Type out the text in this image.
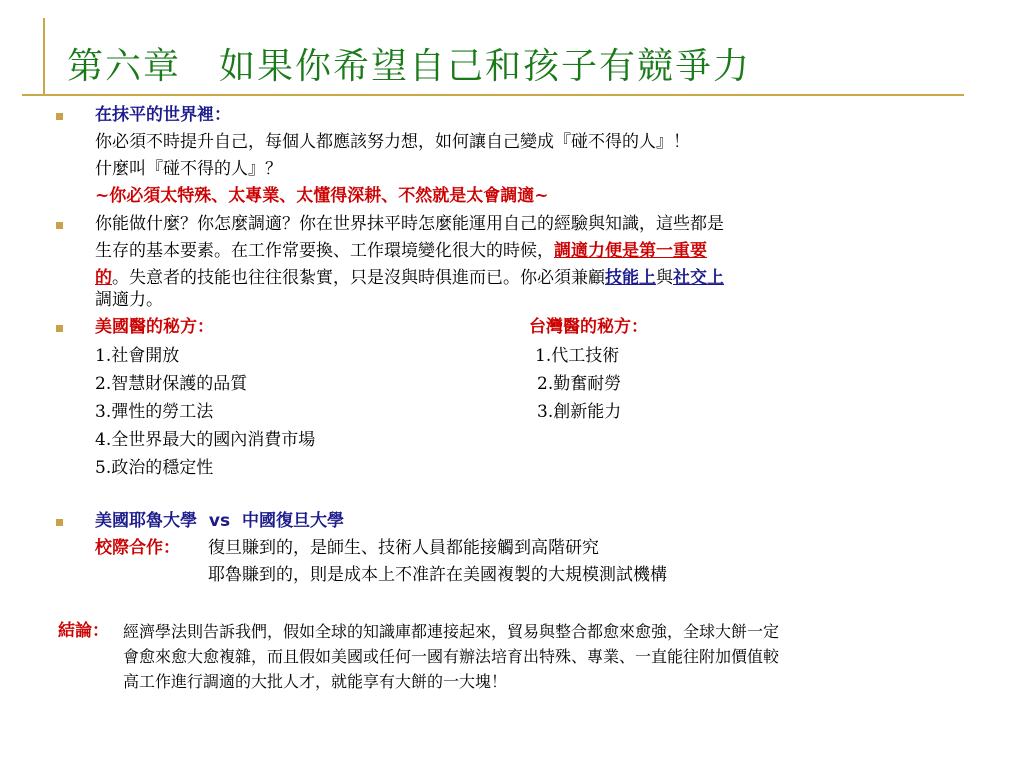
第六章　如果你希望自己和孩子有競爭力
在抹平的世界裡：
你必須不時提升自己，每個人都應該努力想，如何讓自己變成『碰不得的人』！
什麼叫『碰不得的人』？
~你必須太特殊、太專業、太懂得深耕、不然就是太會調適~
你能做什麼？你怎麼調適？你在世界抹平時怎麼能運用自己的經驗與知識，這些都是
生存的基本要素。在工作常要換、工作環境變化很大的時候，調適力便是第一重要
的。失意者的技能也往往很紮實，只是沒與時俱進而已。你必須兼顧技能上與社交上
調適力。
美國醫的秘方：	台灣醫的秘方：
1.社會開放
2.智慧財保護的品質
3.彈性的勞工法
4.全世界最大的國內消費市場
5.政治的穩定性
1.代工技術
2.勤奮耐勞
3.創新能力
美國耶魯大學 vs 中國復旦大學
校際合作： 復旦賺到的，是師生、技術人員都能接觸到高階研究
耶魯賺到的，則是成本上不准許在美國複製的大規模測試機構
結論： 經濟學法則告訴我們，假如全球的知識庫都連接起來，貿易與整合都愈來愈強，全球大餅一定
會愈來愈大愈複雜，而且假如美國或任何一國有辦法培育出特殊、專業、一直能往附加價值較
高工作進行調適的大批人才，就能享有大餅的一大塊！
